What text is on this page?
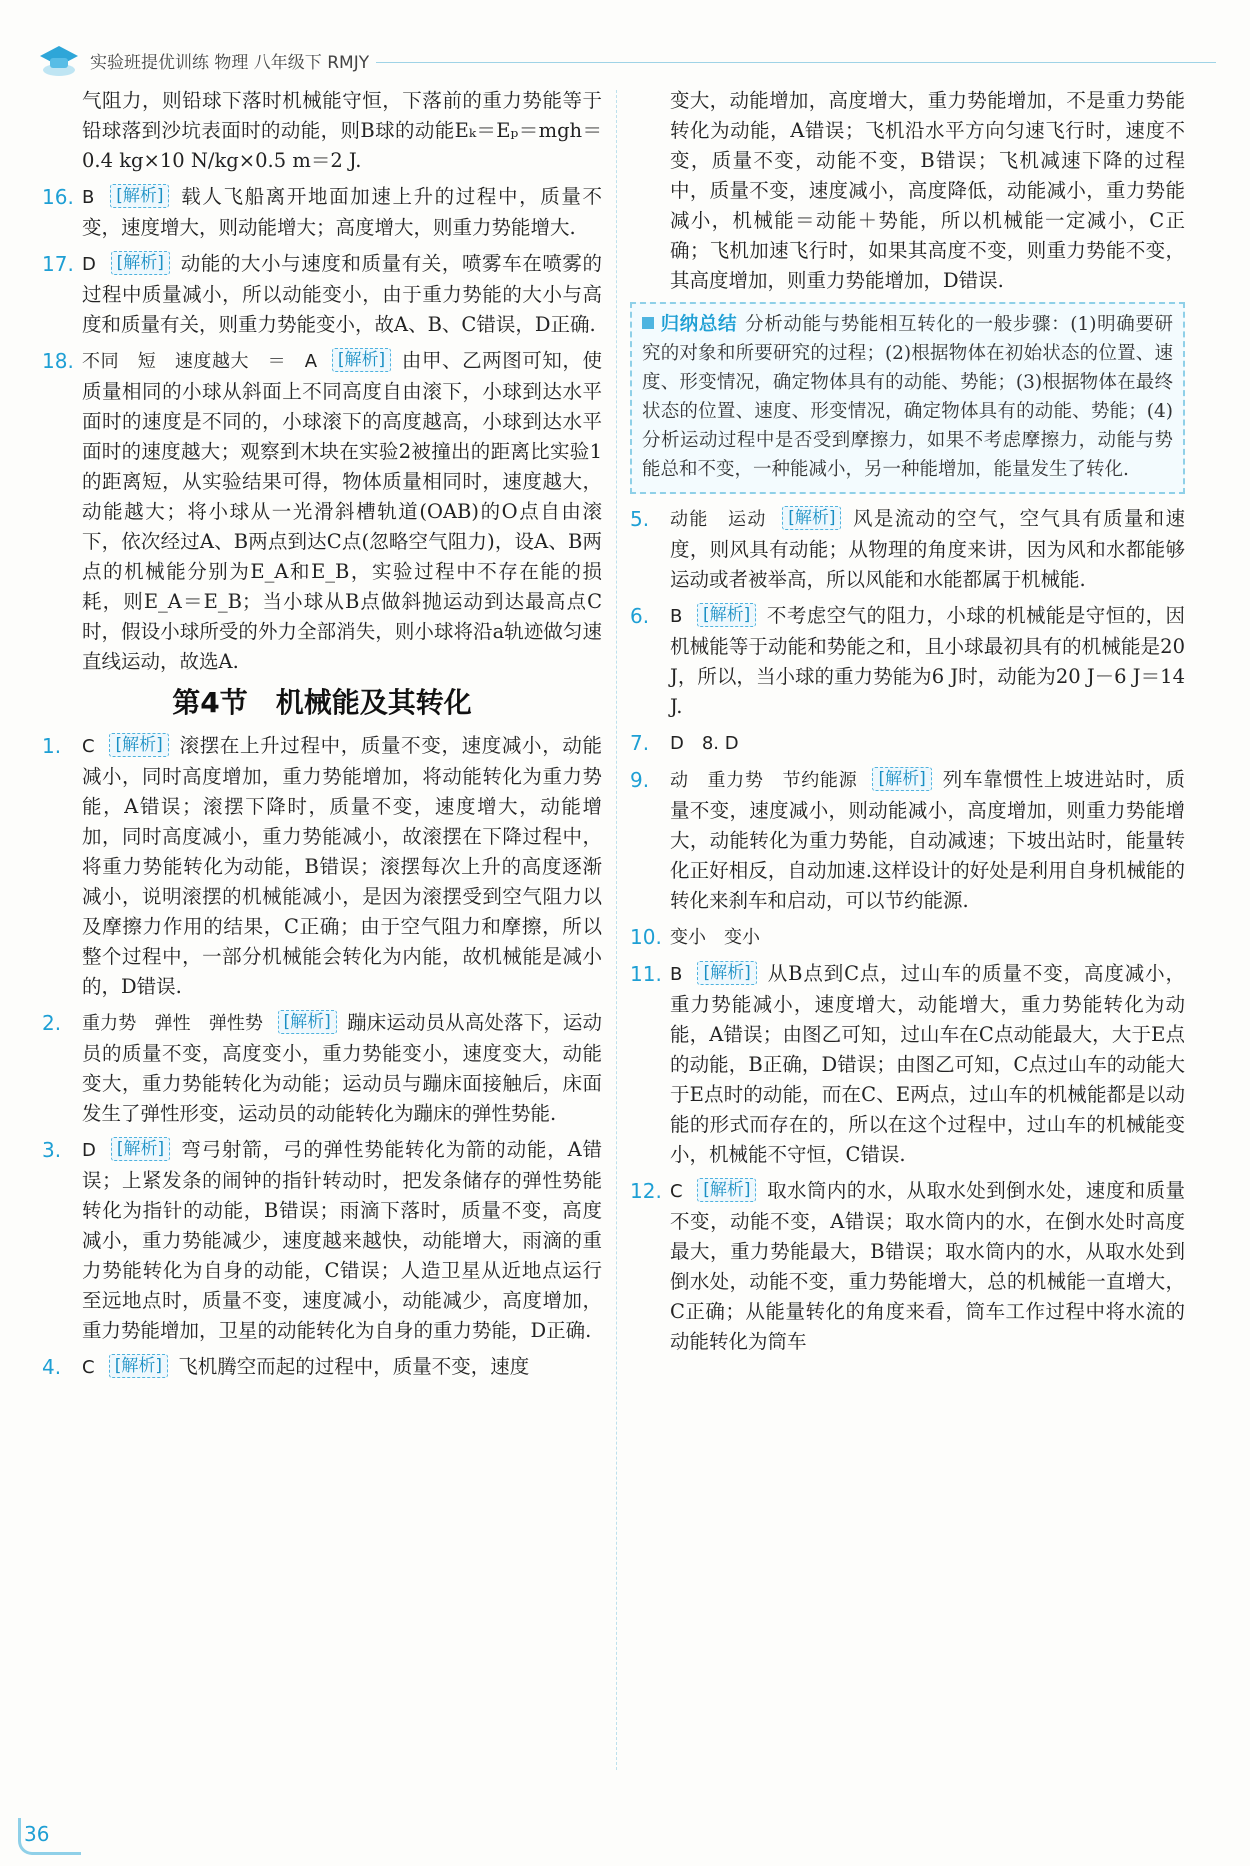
实验班提优训练 物理 八年级下 RMJY

气阻力，则铅球下落时机械能守恒，下落前的重力势能等于铅球落到沙坑表面时的动能，则B球的动能Eₖ＝Eₚ＝mgh＝0.4 kg×10 N/kg×0.5 m＝2 J.

16. B [解析] 载人飞船离开地面加速上升的过程中，质量不变，速度增大，则动能增大；高度增大，则重力势能增大.
17. D [解析] 动能的大小与速度和质量有关，喷雾车在喷雾的过程中质量减小，所以动能变小，由于重力势能的大小与高度和质量有关，则重力势能变小，故A、B、C错误，D正确.
18. 不同　短　速度越大　＝　A [解析] 由甲、乙两图可知，使质量相同的小球从斜面上不同高度自由滚下，小球到达水平面时的速度是不同的，小球滚下的高度越高，小球到达水平面时的速度越大；观察到木块在实验2被撞出的距离比实验1的距离短，从实验结果可得，物体质量相同时，速度越大，动能越大；将小球从一光滑斜槽轨道(OAB)的O点自由滚下，依次经过A、B两点到达C点(忽略空气阻力)，设A、B两点的机械能分别为E_A和E_B，实验过程中不存在能的损耗，则E_A＝E_B；当小球从B点做斜抛运动到达最高点C时，假设小球所受的外力全部消失，则小球将沿a轨迹做匀速直线运动，故选A.
第4节　机械能及其转化
1. C [解析] 滚摆在上升过程中，质量不变，速度减小，动能减小，同时高度增加，重力势能增加，将动能转化为重力势能，A错误；滚摆下降时，质量不变，速度增大，动能增加，同时高度减小，重力势能减小，故滚摆在下降过程中，将重力势能转化为动能，B错误；滚摆每次上升的高度逐渐减小，说明滚摆的机械能减小，是因为滚摆受到空气阻力以及摩擦力作用的结果，C正确；由于空气阻力和摩擦，所以整个过程中，一部分机械能会转化为内能，故机械能是减小的，D错误.
2. 重力势　弹性　弹性势 [解析] 蹦床运动员从高处落下，运动员的质量不变，高度变小，重力势能变小，速度变大，动能变大，重力势能转化为动能；运动员与蹦床面接触后，床面发生了弹性形变，运动员的动能转化为蹦床的弹性势能.
3. D [解析] 弯弓射箭，弓的弹性势能转化为箭的动能，A错误；上紧发条的闹钟的指针转动时，把发条储存的弹性势能转化为指针的动能，B错误；雨滴下落时，质量不变，高度减小，重力势能减少，速度越来越快，动能增大，雨滴的重力势能转化为自身的动能，C错误；人造卫星从近地点运行至远地点时，质量不变，速度减小，动能减少，高度增加，重力势能增加，卫星的动能转化为自身的重力势能，D正确.
4. C [解析] 飞机腾空而起的过程中，质量不变，速度

变大，动能增加，高度增大，重力势能增加，不是重力势能转化为动能，A错误；飞机沿水平方向匀速飞行时，速度不变，质量不变，动能不变，B错误；飞机减速下降的过程中，质量不变，速度减小，高度降低，动能减小，重力势能减小，机械能＝动能＋势能，所以机械能一定减小，C正确；飞机加速飞行时，如果其高度不变，则重力势能不变，其高度增加，则重力势能增加，D错误.

归纳总结 分析动能与势能相互转化的一般步骤：(1)明确要研究的对象和所要研究的过程；(2)根据物体在初始状态的位置、速度、形变情况，确定物体具有的动能、势能；(3)根据物体在最终状态的位置、速度、形变情况，确定物体具有的动能、势能；(4)分析运动过程中是否受到摩擦力，如果不考虑摩擦力，动能与势能总和不变，一种能减小，另一种能增加，能量发生了转化.
5. 动能　运动 [解析] 风是流动的空气，空气具有质量和速度，则风具有动能；从物理的角度来讲，因为风和水都能够运动或者被举高，所以风能和水能都属于机械能.
6. B [解析] 不考虑空气的阻力，小球的机械能是守恒的，因机械能等于动能和势能之和，且小球最初具有的机械能是20 J，所以，当小球的重力势能为6 J时，动能为20 J－6 J＝14 J.
7. D　8. D
9. 动　重力势　节约能源 [解析] 列车靠惯性上坡进站时，质量不变，速度减小，则动能减小，高度增加，则重力势能增大，动能转化为重力势能，自动减速；下坡出站时，能量转化正好相反，自动加速.这样设计的好处是利用自身机械能的转化来刹车和启动，可以节约能源.
10. 变小　变小
11. B [解析] 从B点到C点，过山车的质量不变，高度减小，重力势能减小，速度增大，动能增大，重力势能转化为动能，A错误；由图乙可知，过山车在C点动能最大，大于E点的动能，B正确，D错误；由图乙可知，C点过山车的动能大于E点时的动能，而在C、E两点，过山车的机械能都是以动能的形式而存在的，所以在这个过程中，过山车的机械能变小，机械能不守恒，C错误.
12. C [解析] 取水筒内的水，从取水处到倒水处，速度和质量不变，动能不变，A错误；取水筒内的水，在倒水处时高度最大，重力势能最大，B错误；取水筒内的水，从取水处到倒水处，动能不变，重力势能增大，总的机械能一直增大，C正确；从能量转化的角度来看，筒车工作过程中将水流的动能转化为筒车
36
